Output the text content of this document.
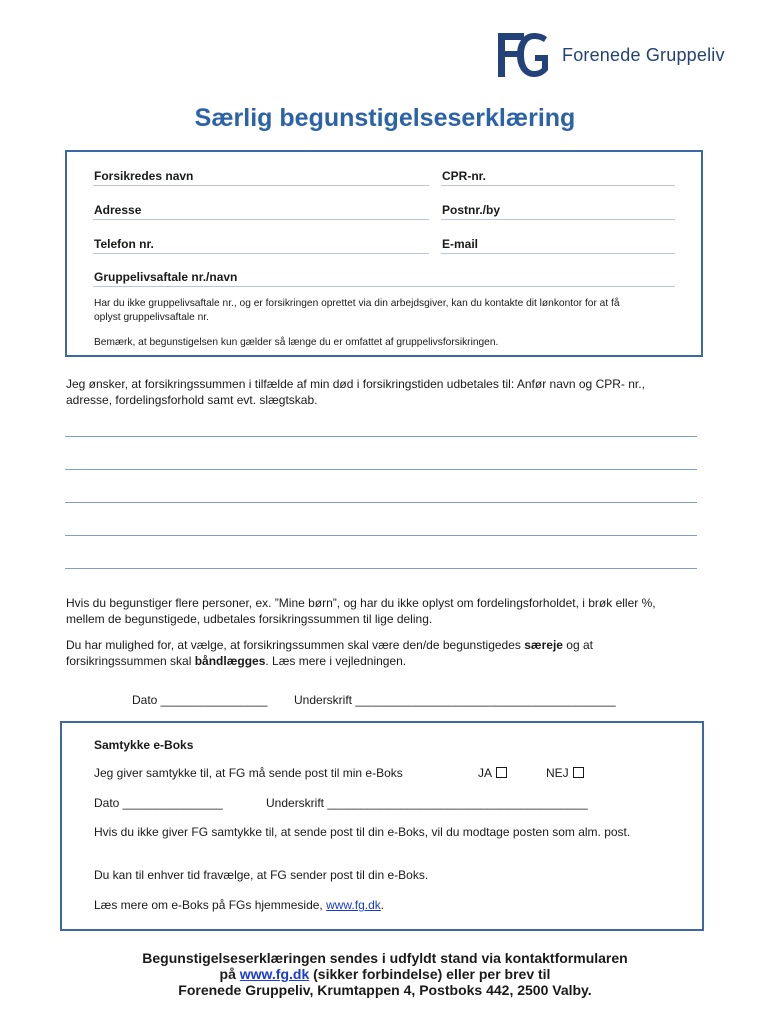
Forenede Gruppeliv
Særlig begunstigelseserklæring
Forsikredes navn	CPR-nr.
Adresse	Postnr./by
Telefon nr.	E-mail
Gruppelivsaftale nr./navn
Har du ikke gruppelivsaftale nr., og er forsikringen oprettet via din arbejdsgiver, kan du kontakte dit lønkontor for at få oplyst gruppelivsaftale nr.
Bemærk, at begunstigelsen kun gælder så længe du er omfattet af gruppelivsforsikringen.
Jeg ønsker, at forsikringssummen i tilfælde af min død i forsikringstiden udbetales til: Anfør navn og CPR- nr., adresse, fordelingsforhold samt evt. slægtskab.
Hvis du begunstiger flere personer, ex. ”Mine børn”, og har du ikke oplyst om fordelingsforholdet, i brøk eller %, mellem de begunstigede, udbetales forsikringssummen til lige deling.
Du har mulighed for, at vælge, at forsikringssummen skal være den/de begunstigedes særeje og at forsikringssummen skal båndlægges. Læs mere i vejledningen.
Dato ________________ Underskrift _______________________________________
Samtykke e-Boks
Jeg giver samtykke til, at FG må sende post til min e-Boks	JA	NEJ
Dato _______________	Underskrift _______________________________________
Hvis du ikke giver FG samtykke til, at sende post til din e-Boks, vil du modtage posten som alm. post.
Du kan til enhver tid fravælge, at FG sender post til din e-Boks.
Læs mere om e-Boks på FGs hjemmeside, www.fg.dk.
Begunstigelseserklæringen sendes i udfyldt stand via kontaktformularen
på www.fg.dk (sikker forbindelse) eller per brev til
Forenede Gruppeliv, Krumtappen 4, Postboks 442, 2500 Valby.
